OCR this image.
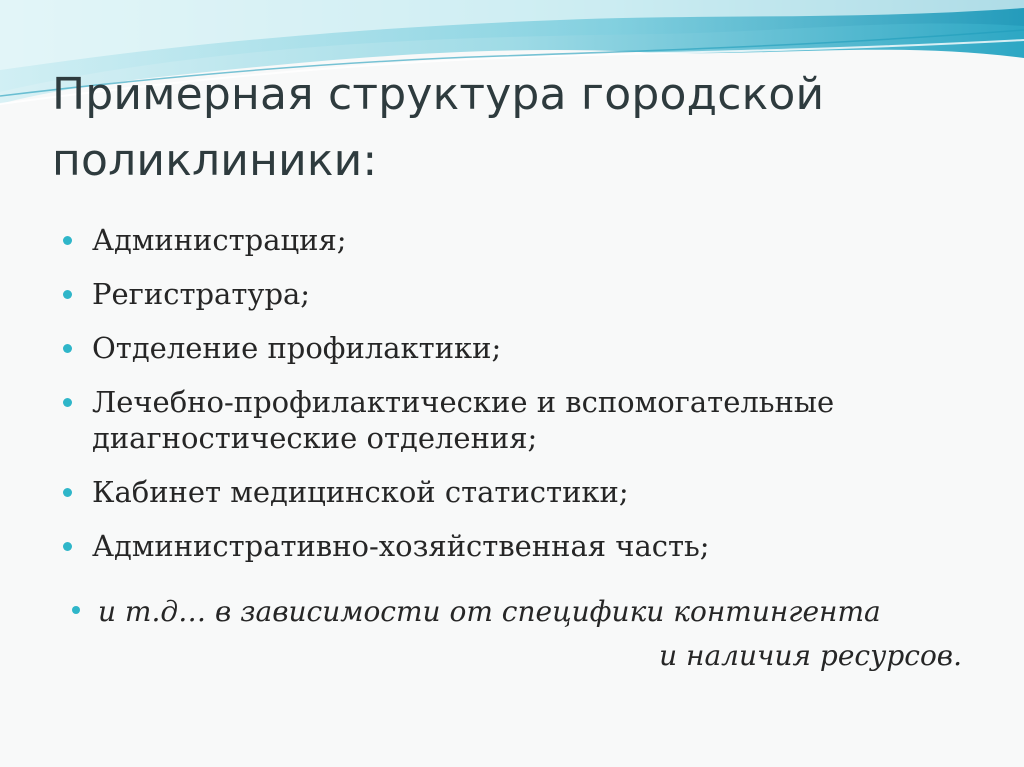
Примерная структура городской поликлиники:
Администрация;
Регистратура;
Отделение профилактики;
Лечебно-профилактические и вспомогательные диагностические отделения;
Кабинет медицинской статистики;
Административно-хозяйственная часть;
и т.д… в зависимости от специфики контингента
и наличия ресурсов.
